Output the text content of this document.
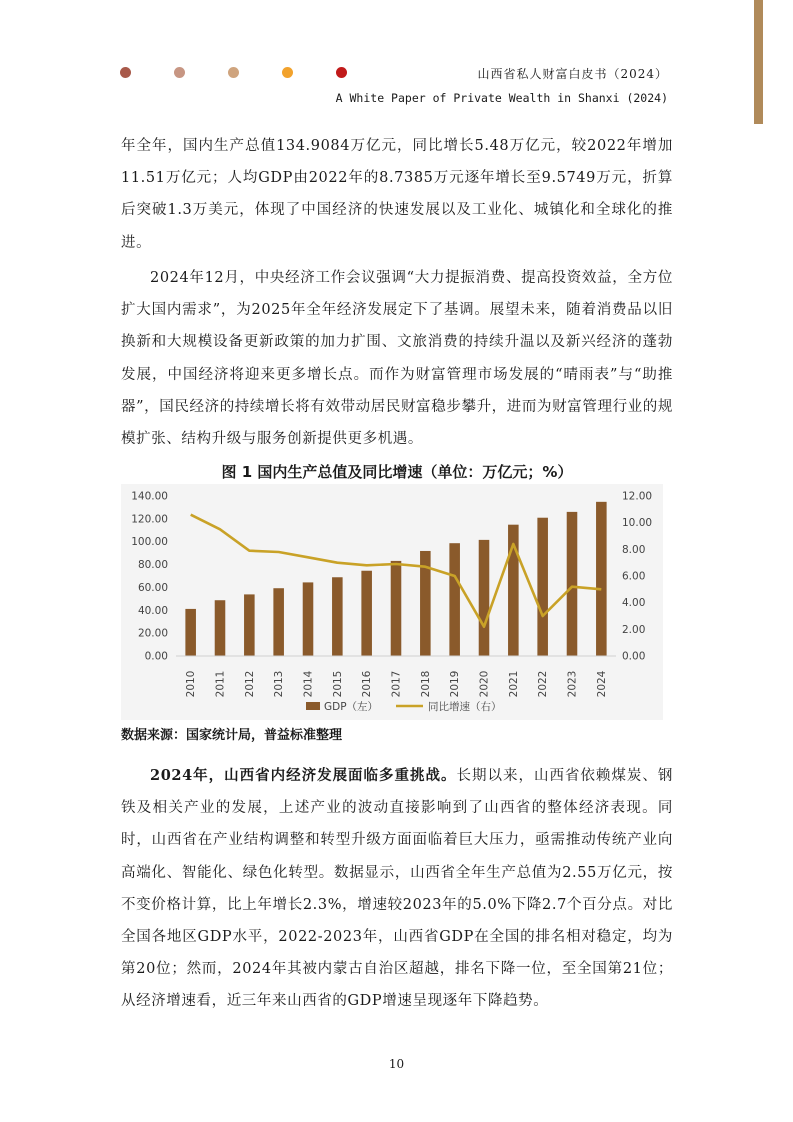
山西省私人财富白皮书（2024）
A White Paper of Private Wealth in Shanxi (2024)

年全年，国内生产总值134.9084万亿元，同比增长5.48万亿元，较2022年增加11.51万亿元；人均GDP由2022年的8.7385万元逐年增长至9.5749万元，折算后突破1.3万美元，体现了中国经济的快速发展以及工业化、城镇化和全球化的推进。

2024年12月，中央经济工作会议强调“大力提振消费、提高投资效益，全方位扩大国内需求”，为2025年全年经济发展定下了基调。展望未来，随着消费品以旧换新和大规模设备更新政策的加力扩围、文旅消费的持续升温以及新兴经济的蓬勃发展，中国经济将迎来更多增长点。而作为财富管理市场发展的“晴雨表”与“助推器”，国民经济的持续增长将有效带动居民财富稳步攀升，进而为财富管理行业的规模扩张、结构升级与服务创新提供更多机遇。

图 1 国内生产总值及同比增速（单位：万亿元；%）
0.00
20.00
40.00
60.00
80.00
100.00
120.00
140.00
0.00
2.00
4.00
6.00
8.00
10.00
12.00
2010 2011 2012 2013 2014 2015 2016 2017 2018 2019 2020 2021 2022 2023 2024
GDP（左）	同比增速（右）
数据来源：国家统计局，普益标准整理

2024年，山西省内经济发展面临多重挑战。长期以来，山西省依赖煤炭、钢铁及相关产业的发展，上述产业的波动直接影响到了山西省的整体经济表现。同时，山西省在产业结构调整和转型升级方面面临着巨大压力，亟需推动传统产业向高端化、智能化、绿色化转型。数据显示，山西省全年生产总值为2.55万亿元，按不变价格计算，比上年增长2.3%，增速较2023年的5.0%下降2.7个百分点。对比全国各地区GDP水平，2022-2023年，山西省GDP在全国的排名相对稳定，均为第20位；然而，2024年其被内蒙古自治区超越，排名下降一位，至全国第21位；从经济增速看，近三年来山西省的GDP增速呈现逐年下降趋势。

10
